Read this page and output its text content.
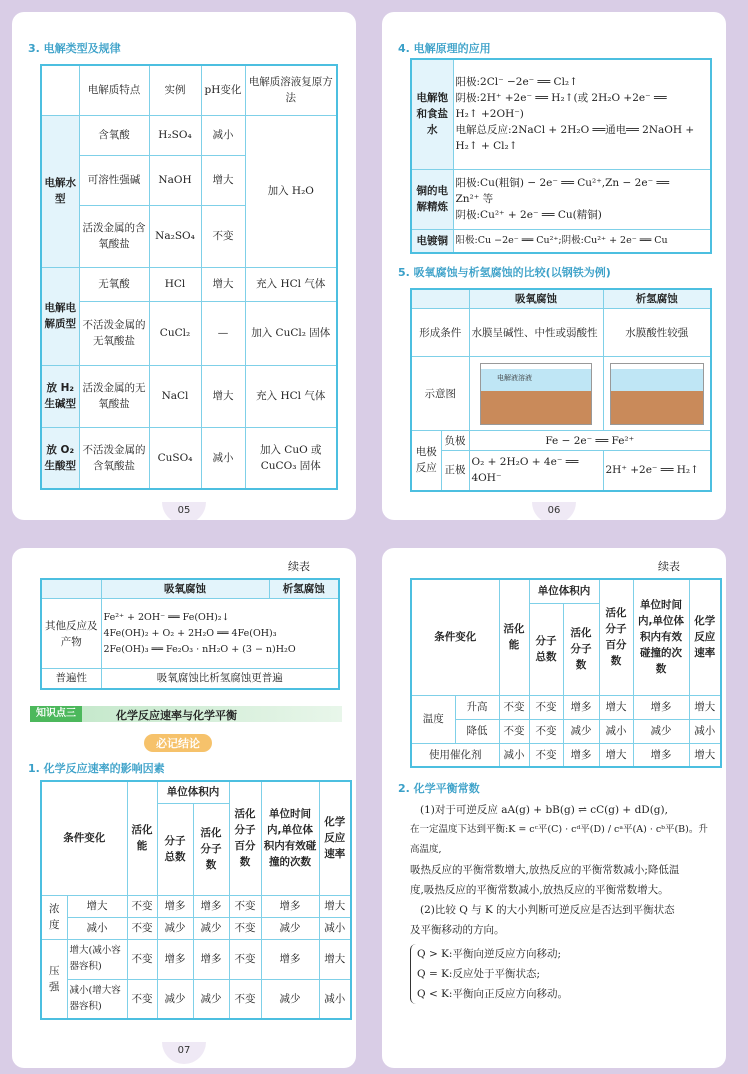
3. 电解类型及规律
	电解质特点	实例	pH变化	电解质溶液复原方法
电解水型	含氧酸	H₂SO₄	减小	加入 H₂O
	可溶性强碱	NaOH	增大	
	活泼金属的含氧酸盐	Na₂SO₄	不变	
电解电解质型	无氧酸	HCl	增大	充入 HCl 气体
	不活泼金属的无氧酸盐	CuCl₂	—	加入 CuCl₂ 固体
放 H₂ 生碱型	活泼金属的无氧酸盐	NaCl	增大	充入 HCl 气体
放 O₂ 生酸型	不活泼金属的含氧酸盐	CuSO₄	减小	加入 CuO 或 CuCO₃ 固体
05
4. 电解原理的应用
电解饱和食盐水	阳极:2Cl⁻ −2e⁻ ══ Cl₂↑
阴极:2H⁺ +2e⁻ ══ H₂↑(或 2H₂O +2e⁻ ══
H₂↑ +2OH⁻)
电解总反应:2NaCl + 2H₂O ══通电══ 2NaOH +
H₂↑ + Cl₂↑

铜的电解精炼	阳极:Cu(粗铜) − 2e⁻ ══ Cu²⁺,Zn − 2e⁻ ══
Zn²⁺ 等
阴极:Cu²⁺ + 2e⁻ ══ Cu(精铜)

电镀铜	阳极:Cu −2e⁻ ══ Cu²⁺;阴极:Cu²⁺ + 2e⁻ ══ Cu
5. 吸氧腐蚀与析氢腐蚀的比较(以钢铁为例)
		吸氧腐蚀	析氢腐蚀
形成条件		水膜呈碱性、中性或弱酸性	水膜酸性较强
示意图		电解液溶液	

电极反应	负极	Fe − 2e⁻ ══ Fe²⁺	
	正极	O₂ + 2H₂O + 4e⁻ ══ 4OH⁻	2H⁺ +2e⁻ ══ H₂↑
06
续表
	吸氧腐蚀	析氢腐蚀
其他反应及产物	Fe²⁺ + 2OH⁻ ══ Fe(OH)₂↓
4Fe(OH)₂ + O₂ + 2H₂O ══ 4Fe(OH)₃
2Fe(OH)₃ ══ Fe₂O₃ · nH₂O + (3 − n)H₂O	

普遍性	吸氧腐蚀比析氢腐蚀更普遍	
知识点三	化学反应速率与化学平衡
必记结论
1. 化学反应速率的影响因素
条件变化		活化能	单位体积内		活化分子百分数	单位时间内,单位体积内有效碰撞的次数	化学反应速率
			分子总数	活化分子数			
浓度	增大	不变	增多	增多	不变	增多	增大
	减小	不变	减少	减少	不变	减少	减小
压强	增大(减小容器容积)	不变	增多	增多	不变	增多	增大
	减小(增大容器容积)	不变	减少	减少	不变	减少	减小
07
续表
条件变化		活化能	单位体积内		活化分子百分数	单位时间内,单位体积内有效碰撞的次数	化学反应速率
			分子总数	活化分子数			
温度	升高	不变	不变	增多	增大	增多	增大
	降低	不变	不变	减少	减小	减少	减小
使用催化剂		减小	不变	增多	增大	增多	增大
2. 化学平衡常数
(1)对于可逆反应 aA(g) + bB(g) ⇌ cC(g) + dD(g),
在一定温度下达到平衡:K = cᶜ平(C) · cᵈ平(D) / cᵃ平(A) · cᵇ平(B)。升高温度,
吸热反应的平衡常数增大,放热反应的平衡常数减小;降低温
度,吸热反应的平衡常数减小,放热反应的平衡常数增大。
(2)比较 Q 与 K 的大小判断可逆反应是否达到平衡状态
及平衡移动的方向。
Q > K:平衡向逆反应方向移动;
Q = K:反应处于平衡状态;
Q < K:平衡向正反应方向移动。
